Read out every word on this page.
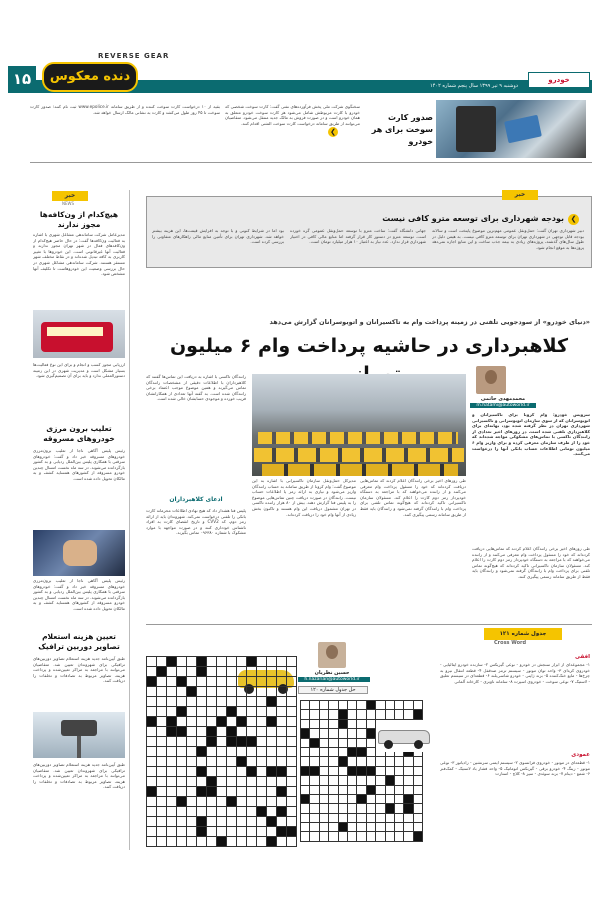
۱۵	دنده معکوس
REVERSE GEAR
دوشنبه ۹ تیر ۱۳۹۹ سال پنجم شماره ۱۴۰۲
خودرو
بقیه از ۱۰ درخواست کارت سوخت کننده و از طریق سامانه www.epolice.ir ثبت نام کنند؛ صدور کارت سوخت تا ۴۵ روز طول می‌کشد و کارت به نشانی مالک ارسال خواهد شد.
سخنگوی شرکت ملی پخش فرآورده‌های نفتی گفت: کارت سوخت شخصی که خودرو با کارت مربوطش شامل می‌شود هر کارت سوخت خودرو متعلق به همان خودرو است و در صورت فروش به مالک جدید منتقل می‌شود. متقاضیان می‌توانند از طریق سامانه درخواست کارت سوخت المثنی اقدام کنند.
صدور کارت سوخت برای هر خودرو
❮
خبر
NEWS
هیچ‌کدام از ون‌کافه‌ها مجوز ندارند
مدیرعامل شرکت ساماندهی مشاغل شهری با اشاره به فعالیت ون‌کافه‌ها گفت: در حال حاضر هیچ‌کدام از ون‌کافه‌های فعال در شهر تهران مجوز ندارند و فعالیت آنها غیرقانونی است. این خودروها با تغییر کاربری به کافه تبدیل شده‌اند و در نقاط مختلف شهر مستقر هستند. شرکت ساماندهی مشاغل شهری در حال بررسی وضعیت این خودروهاست تا تکلیف آنها مشخص شود.
ارزیابی مجوز کسب و انجام و برای این نوع فعالیت‌ها بسیار مشکل است و مدیریت شهری در این زمینه دستورالعملی ندارد و باید برای آن تصمیم‌گیری شود.
تعلیب برون مرزی خودروهای مسروقه
رئیس پلیس آگاهی ناجا از تعلیب برون‌مرزی خودروهای مسروقه خبر داد و گفت: خودروهای سرقتی با همکاری پلیس بین‌الملل ردیابی و به کشور بازگردانده می‌شوند. در سه ماه نخست امسال چندین خودرو مسروقه از کشورهای همسایه کشف و به مالکان تحویل داده شده است.
رئیس پلیس آگاهی ناجا از تعلیب برون‌مرزی خودروهای مسروقه خبر داد و گفت: خودروهای سرقتی با همکاری پلیس بین‌الملل ردیابی و به کشور بازگردانده می‌شوند. در سه ماه نخست امسال چندین خودرو مسروقه از کشورهای همسایه کشف و به مالکان تحویل داده شده است.
تعیین هزینه استعلام تصاویر دوربین ترافیک
طبق آیین‌نامه جدید هزینه استعلام تصاویر دوربین‌های ترافیکی برای شهروندان تعیین شد. متقاضیان می‌توانند با مراجعه به مراکز تعیین‌شده و پرداخت هزینه، تصاویر مربوط به تصادفات و تخلفات را دریافت کنند.
طبق آیین‌نامه جدید هزینه استعلام تصاویر دوربین‌های ترافیکی برای شهروندان تعیین شد. متقاضیان می‌توانند با مراجعه به مراکز تعیین‌شده و پرداخت هزینه، تصاویر مربوط به تصادفات و تخلفات را دریافت کنند.
خبر
❮
بودجه شهرداری برای توسعه مترو کافی نیست
دبیر شهرداری تهران گفت: حمل‌ونقل عمومی مهم‌ترین موضوع پایتخت است و سالانه بودجه قابل توجهی در شهرداری تهران برای توسعه مترو کافی نیست. به هیمن دلیل در طول سال‌های گذشته، پروژه‌های زیادی به بیمه جذب ساخت و این منابع اجازه نمی‌دهد پروژه‌ها به موقع انجام شود.
جهانی دانشگاه گفت: ساخت مترو با توسعه حمل‌ونقل عمومی گره خورده است. توسعه مترو در دستور کار قرار گرفته اما منابع مالی کافی در اختیار شهرداری قرار ندارد. عدد نیاز به اعتبار ۱۰ هزار میلیارد تومان است.
بود اما در شرایط کنونی و با توجه به‌ افزایش قیمت‌ها، این هزینه بیشتر خواهد شد. شهرداری تهران برای تأمین منابع مالی راهکارهای متفاوتی را بررسی کرده است.
«دنیای خودرو» از سودجویی تلفنی در زمینه پرداخت وام به تاکسیرانان و اتوبوسرانان گزارش می‌دهد
کلاهبرداری در حاشیه پرداخت وام ۶ میلیون
محمدمهدی حاتمی
m.hatami@autoworld.ir
سرویس خودرو: وام کرونا برای تاکسیرانان و اتوبوسرانان که از سوی سازمان اتوبوسرانی و تاکسیرانی شهرداری تهران در نظر گرفته شده بود، بهانه‌ای برای کلاهبرداری تلفنی شده است. در روزهای اخیر تعدادی از رانندگان تاکسی با تماس‌های مشکوکی مواجه شده‌اند که خود را از طرف سازمان معرفی کرده و برای واریز وام ۶ میلیون تومانی اطلاعات حساب بانکی آنها را درخواست می‌کنند.
طی روزهای اخیر برخی رانندگان اعلام کردند که تماس‌هایی دریافت کرده‌اند که خود را مسئول پرداخت وام معرفی می‌کنند و از راننده می‌خواهند که با مراجعه به دستگاه خودپرداز رمز دوم کارت را اعلام کند. مسئولان سازمان تاکسیرانی تاکید کرده‌اند که هیچ‌گونه تماس تلفنی برای پرداخت وام با رانندگان گرفته نمی‌شود و رانندگان باید فقط از طریق سامانه رسمی پیگیری کنند.
مدیرکل حمل‌ونقل سازمان تاکسیرانی با اشاره به این موضوع گفت: وام کرونا از طریق سامانه به حساب رانندگان واریز می‌شود و نیازی به ارائه رمز یا اطلاعات حساب نیست. رانندگان در صورت دریافت چنین تماس‌هایی موضوع را به پلیس فتا گزارش دهند. بیش از ۸۰ هزار راننده تاکسی در تهران مشمول دریافت این وام هستند و تاکنون بخش زیادی از آنها وام خود را دریافت کرده‌اند.
رانندگان تاکسی با اشاره به دریافت این تماس‌ها گفتند که کلاهبرداران با اطلاعات دقیقی از مشخصات رانندگان تماس می‌گیرند و همین موضوع موجب اعتماد برخی رانندگان شده است. به گفته آنها تعدادی از همکارانشان فریب خورده و موجودی حسابشان خالی شده است.
ادعای کلاهبرداران
پلیس فتا هشدار داد که هیچ نهادی اطلاعات محرمانه کارت بانکی را تلفنی درخواست نمی‌کند. شهروندان باید از ارائه رمز دوم، کد CVV2 و تاریخ انقضای کارت به افراد ناشناس خودداری کنند و در صورت مواجهه با موارد مشکوک با شماره ۰۹۶۳۸۰ تماس بگیرند.
طی روزهای اخیر برخی رانندگان اعلام کردند که تماس‌هایی دریافت کرده‌اند که خود را مسئول پرداخت وام معرفی می‌کنند و از راننده می‌خواهند که با مراجعه به دستگاه خودپرداز رمز دوم کارت را اعلام کند. مسئولان سازمان تاکسیرانی تاکید کرده‌اند که هیچ‌گونه تماس تلفنی برای پرداخت وام با رانندگان گرفته نمی‌شود و رانندگان باید فقط از طریق سامانه رسمی پیگیری کنند.
جدول شماره ۱۲۱
Cross Word
افقی
۱- مجموعه‌ای از ابزار سنجش در خودرو - نوعی گیربکس ۲- سازنده خودرو ایتالیایی - خودروی کره‌ای ۳- واحد توان موتور - سیستم ترمز ضدقفل ۴- قطعه انتقال نیرو به چرخ‌ها - مایع خنک‌کننده ۵- برند ژاپنی - خودرو شاسی‌بلند ۶- قطعه‌ای در سیستم تعلیق - لاستیک ۷- نوعی سوخت - خودروی اسپرت ۸- سامانه ناوبری - کارخانه آلمانی
عمودی
۱- قطعه‌ای در موتور - خودروی فرانسوی ۲- سیستم ایمنی سرنشین - رادیاتور ۳- نوعی موتور - رینگ ۴- خودرو برقی - گیربکس اتوماتیک ۵- واحد فشار باد لاستیک - کمک‌فنر ۶- شمع - دینام ۷- برند سوئدی - سپر ۸- کلاچ - استارت
حسین نظریان
h.nazarian@autoworld.ir
حل جدول شماره ۱۲۰
